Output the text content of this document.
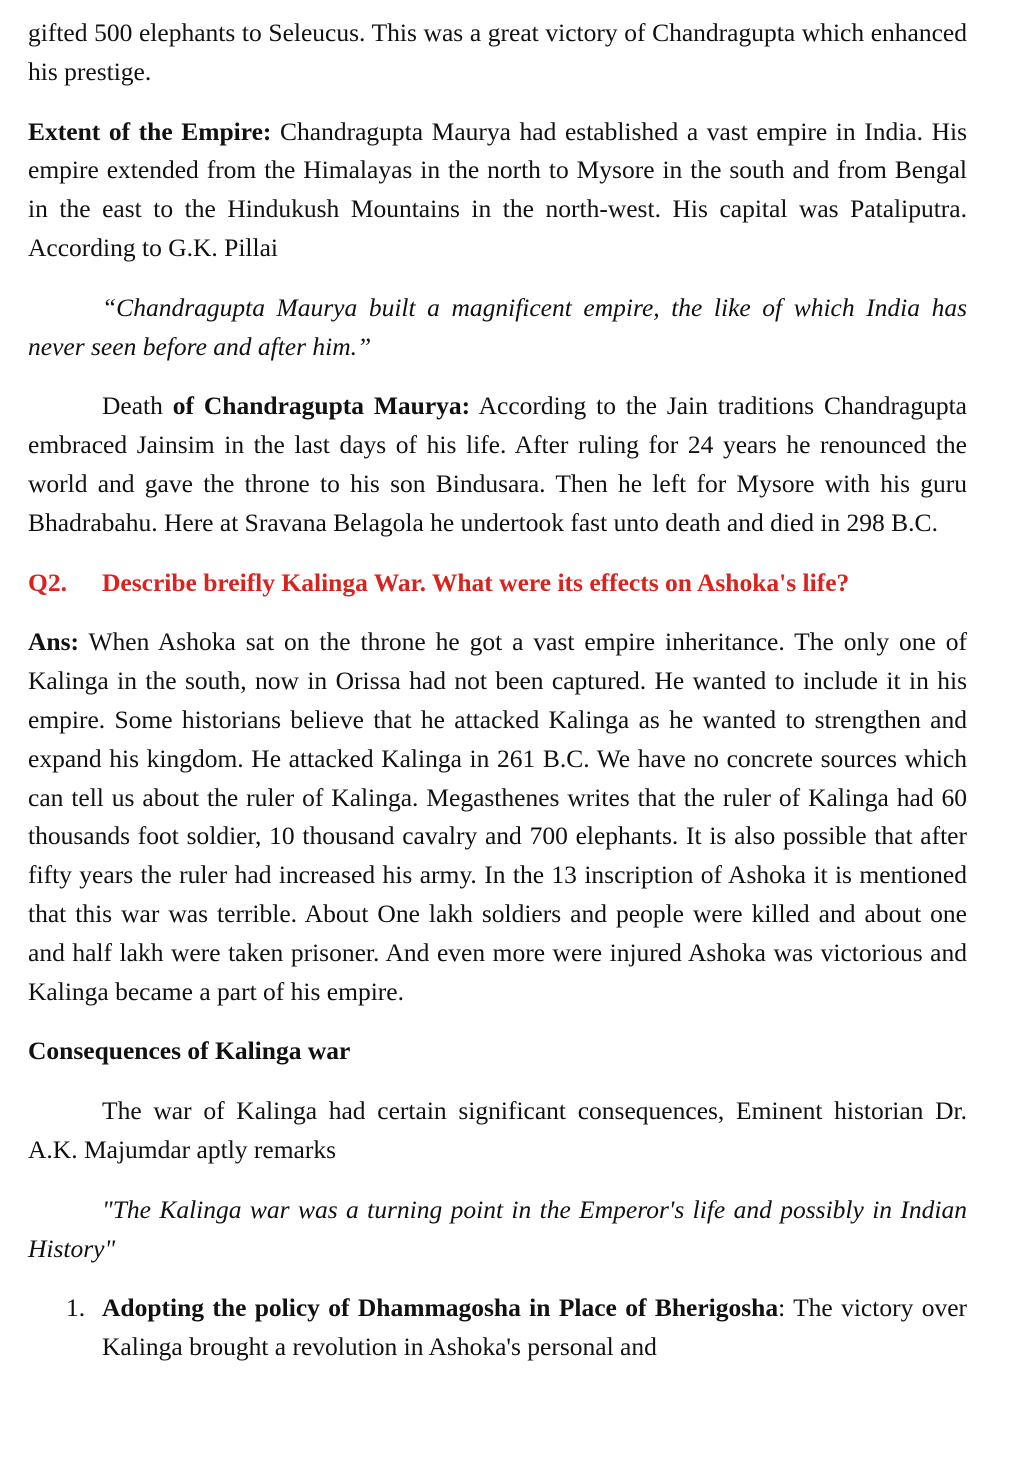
gifted 500 elephants to Seleucus. This was a great victory of Chandragupta which enhanced his prestige.

Extent of the Empire: Chandragupta Maurya had established a vast empire in India. His empire extended from the Himalayas in the north to Mysore in the south and from Bengal in the east to the Hindukush Mountains in the north-west. His capital was Pataliputra. According to G.K. Pillai

“Chandragupta Maurya built a magnificent empire, the like of which India has never seen before and after him.”

Death of Chandragupta Maurya: According to the Jain traditions Chandragupta embraced Jainsim in the last days of his life. After ruling for 24 years he renounced the world and gave the throne to his son Bindusara. Then he left for Mysore with his guru Bhadrabahu. Here at Sravana Belagola he undertook fast unto death and died in 298 B.C.

Q2. Describe breifly Kalinga War. What were its effects on Ashoka's life?

Ans: When Ashoka sat on the throne he got a vast empire inheritance. The only one of Kalinga in the south, now in Orissa had not been captured. He wanted to include it in his empire. Some historians believe that he attacked Kalinga as he wanted to strengthen and expand his kingdom. He attacked Kalinga in 261 B.C. We have no concrete sources which can tell us about the ruler of Kalinga. Megasthenes writes that the ruler of Kalinga had 60 thousands foot soldier, 10 thousand cavalry and 700 elephants. It is also possible that after fifty years the ruler had increased his army. In the 13 inscription of Ashoka it is mentioned that this war was terrible. About One lakh soldiers and people were killed and about one and half lakh were taken prisoner. And even more were injured Ashoka was victorious and Kalinga became a part of his empire.

Consequences of Kalinga war

The war of Kalinga had certain significant consequences, Eminent historian Dr. A.K. Majumdar aptly remarks

"The Kalinga war was a turning point in the Emperor's life and possibly in Indian History"

1. Adopting the policy of Dhammagosha in Place of Bherigosha: The victory over Kalinga brought a revolution in Ashoka's personal and
